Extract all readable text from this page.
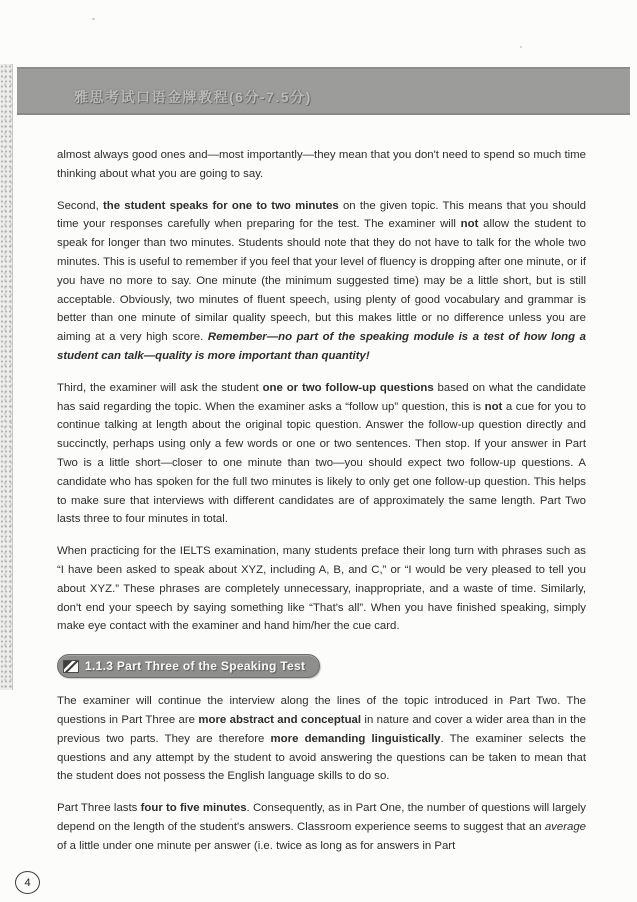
雅思考试口语金牌教程(6分-7.5分)

almost always good ones and—most importantly—they mean that you don't need to spend so much time thinking about what you are going to say.

Second, the student speaks for one to two minutes on the given topic. This means that you should time your responses carefully when preparing for the test. The examiner will not allow the student to speak for longer than two minutes. Students should note that they do not have to talk for the whole two minutes. This is useful to remember if you feel that your level of fluency is dropping after one minute, or if you have no more to say. One minute (the minimum suggested time) may be a little short, but is still acceptable. Obviously, two minutes of fluent speech, using plenty of good vocabulary and grammar is better than one minute of similar quality speech, but this makes little or no difference unless you are aiming at a very high score. Remember—no part of the speaking module is a test of how long a student can talk—quality is more important than quantity!

Third, the examiner will ask the student one or two follow-up questions based on what the candidate has said regarding the topic. When the examiner asks a “follow up” question, this is not a cue for you to continue talking at length about the original topic question. Answer the follow-up question directly and succinctly, perhaps using only a few words or one or two sentences. Then stop. If your answer in Part Two is a little short—closer to one minute than two—you should expect two follow-up questions. A candidate who has spoken for the full two minutes is likely to only get one follow-up question. This helps to make sure that interviews with different candidates are of approximately the same length. Part Two lasts three to four minutes in total.

When practicing for the IELTS examination, many students preface their long turn with phrases such as “I have been asked to speak about XYZ, including A, B, and C,” or “I would be very pleased to tell you about XYZ.” These phrases are completely unnecessary, inappropriate, and a waste of time. Similarly, don't end your speech by saying something like “That's all”. When you have finished speaking, simply make eye contact with the examiner and hand him/her the cue card.

1.1.3 Part Three of the Speaking Test

The examiner will continue the interview along the lines of the topic introduced in Part Two. The questions in Part Three are more abstract and conceptual in nature and cover a wider area than in the previous two parts. They are therefore more demanding linguistically. The examiner selects the questions and any attempt by the student to avoid answering the questions can be taken to mean that the student does not possess the English language skills to do so.

Part Three lasts four to five minutes. Consequently, as in Part One, the number of questions will largely depend on the length of the student's answers. Classroom experience seems to suggest that an average of a little under one minute per answer (i.e. twice as long as for answers in Part

4
